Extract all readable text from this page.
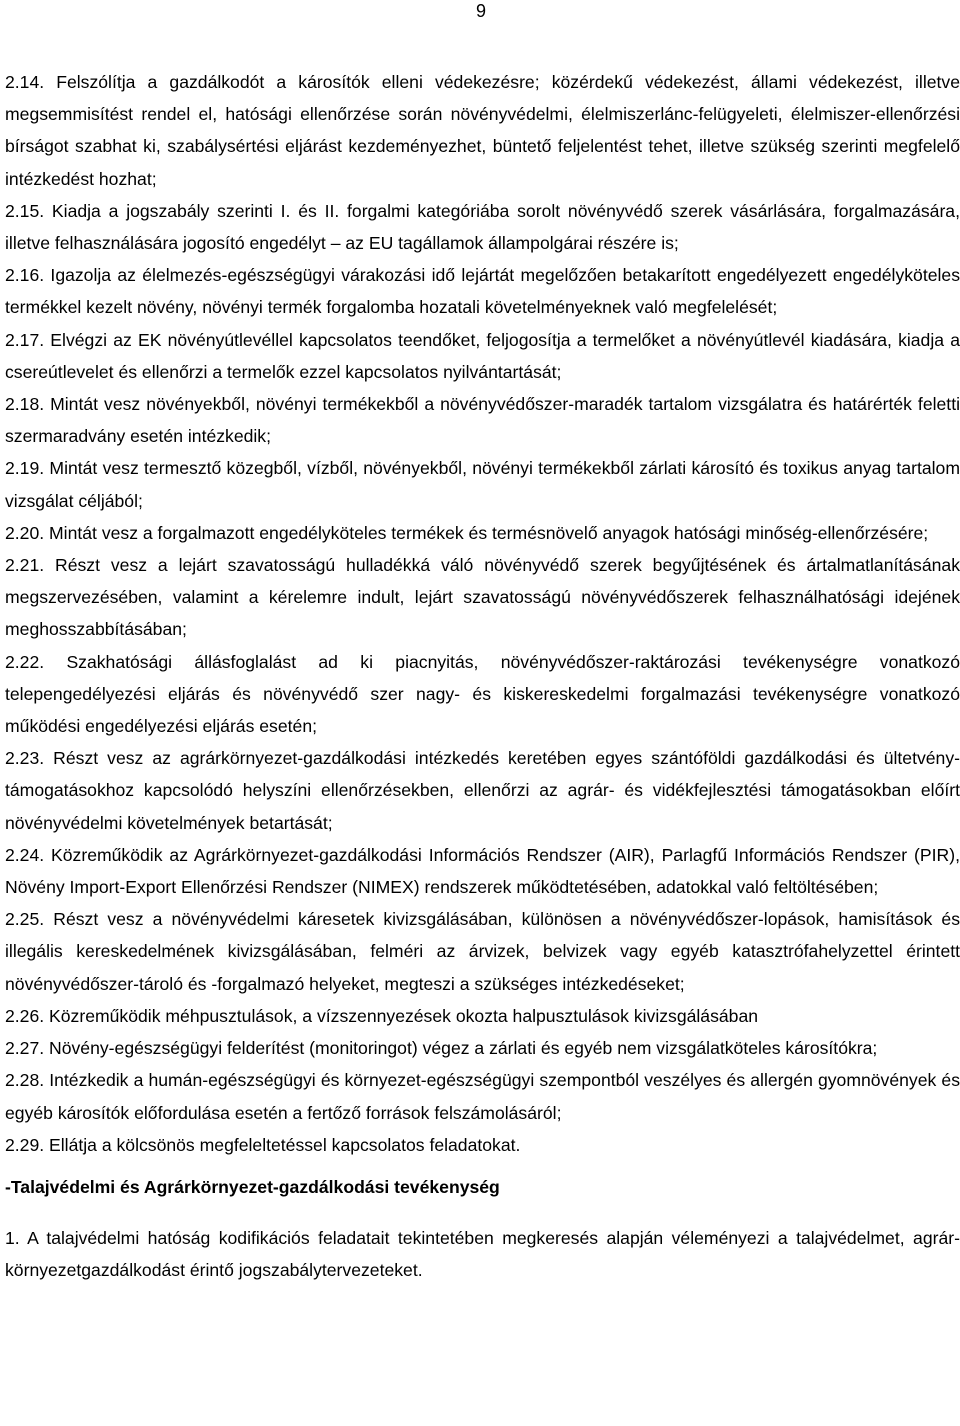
9

2.14. Felszólítja a gazdálkodót a károsítók elleni védekezésre; közérdekű védekezést, állami védekezést, illetve megsemmisítést rendel el, hatósági ellenőrzése során növényvédelmi, élelmiszerlánc-felügyeleti, élelmiszer-ellenőrzési bírságot szabhat ki, szabálysértési eljárást kezdeményezhet, büntető feljelentést tehet, illetve szükség szerinti megfelelő intézkedést hozhat;

2.15. Kiadja a jogszabály szerinti I. és II. forgalmi kategóriába sorolt növényvédő szerek vásárlására, forgalmazására, illetve felhasználására jogosító engedélyt – az EU tagállamok állampolgárai részére is;

2.16. Igazolja az élelmezés-egészségügyi várakozási idő lejártát megelőzően betakarított engedélyezett engedélyköteles termékkel kezelt növény, növényi termék forgalomba hozatali követelményeknek való megfelelését;

2.17. Elvégzi az EK növényútlevéllel kapcsolatos teendőket, feljogosítja a termelőket a növényútlevél kiadására, kiadja a csereútlevelet és ellenőrzi a termelők ezzel kapcsolatos nyilvántartását;

2.18. Mintát vesz növényekből, növényi termékekből a növényvédőszer-maradék tartalom vizsgálatra és határérték feletti szermaradvány esetén intézkedik;

2.19. Mintát vesz termesztő közegből, vízből, növényekből, növényi termékekből zárlati károsító és toxikus anyag tartalom vizsgálat céljából;

2.20. Mintát vesz a forgalmazott engedélyköteles termékek és termésnövelő anyagok hatósági minőség-ellenőrzésére;

2.21. Részt vesz a lejárt szavatosságú hulladékká váló növényvédő szerek begyűjtésének és ártalmatlanításának megszervezésében, valamint a kérelemre indult, lejárt szavatosságú növényvédőszerek felhasználhatósági idejének meghosszabbításában;

2.22. Szakhatósági állásfoglalást ad ki piacnyitás, növényvédőszer-raktározási tevékenységre vonatkozó telepengedélyezési eljárás és növényvédő szer nagy- és kiskereskedelmi forgalmazási tevékenységre vonatkozó működési engedélyezési eljárás esetén;

2.23. Részt vesz az agrárkörnyezet-gazdálkodási intézkedés keretében egyes szántóföldi gazdálkodási és ültetvény-támogatásokhoz kapcsolódó helyszíni ellenőrzésekben, ellenőrzi az agrár- és vidékfejlesztési támogatásokban előírt növényvédelmi követelmények betartását;

2.24. Közreműködik az Agrárkörnyezet-gazdálkodási Információs Rendszer (AIR), Parlagfű Információs Rendszer (PIR), Növény Import-Export Ellenőrzési Rendszer (NIMEX) rendszerek működtetésében, adatokkal való feltöltésében;

2.25. Részt vesz a növényvédelmi káresetek kivizsgálásában, különösen a növényvédőszer-lopások, hamisítások és illegális kereskedelmének kivizsgálásában, felméri az árvizek, belvizek vagy egyéb katasztrófahelyzettel érintett növényvédőszer-tároló és -forgalmazó helyeket, megteszi a szükséges intézkedéseket;

2.26. Közreműködik méhpusztulások, a vízszennyezések okozta halpusztulások kivizsgálásában

2.27. Növény-egészségügyi felderítést (monitoringot) végez a zárlati és egyéb nem vizsgálatköteles károsítókra;

2.28. Intézkedik a humán-egészségügyi és környezet-egészségügyi szempontból veszélyes és allergén gyomnövények és egyéb károsítók előfordulása esetén a fertőző források felszámolásáról;

2.29. Ellátja a kölcsönös megfeleltetéssel kapcsolatos feladatokat.

-Talajvédelmi és Agrárkörnyezet-gazdálkodási tevékenység

1. A talajvédelmi hatóság kodifikációs feladatait tekintetében megkeresés alapján véleményezi a talajvédelmet, agrár-környezetgazdálkodást érintő jogszabálytervezeteket.
